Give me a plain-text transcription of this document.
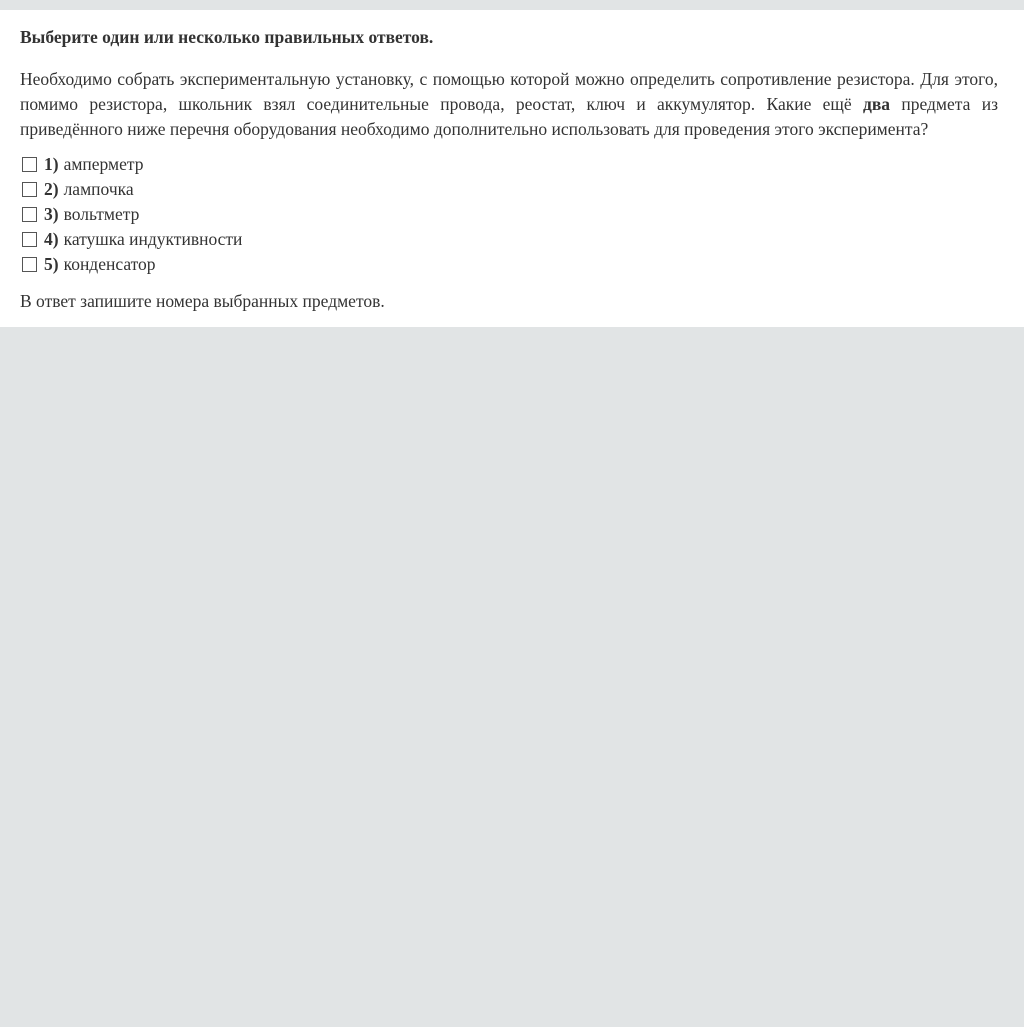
Выберите один или несколько правильных ответов.

Необходимо собрать экспериментальную установку, с помощью которой можно определить сопротивление резистора. Для этого, помимо резистора, школьник взял соединительные провода, реостат, ключ и аккумулятор. Какие ещё два предмета из приведённого ниже перечня оборудования необходимо дополнительно использовать для проведения этого эксперимента?

1) амперметр
2) лампочка
3) вольтметр
4) катушка индуктивности
5) конденсатор

В ответ запишите номера выбранных предметов.
